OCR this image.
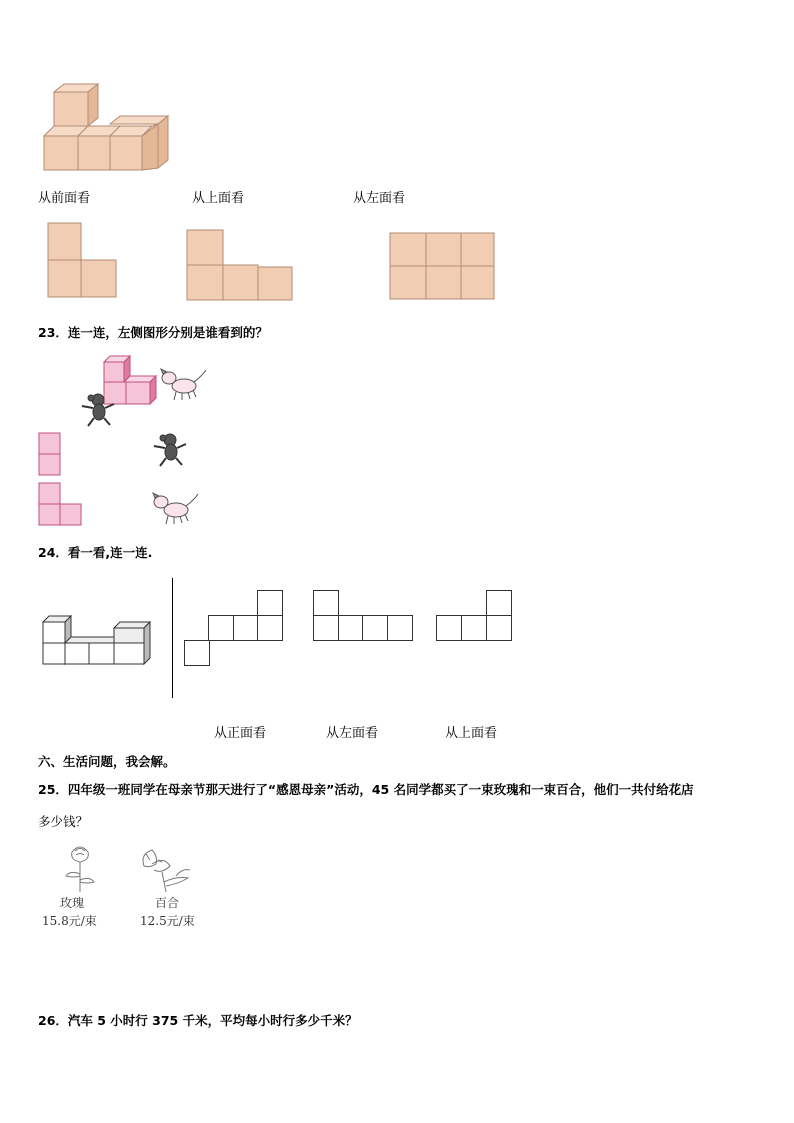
从前面看	从上面看	从左面看
23．连一连，左侧图形分别是谁看到的？
24．看一看,连一连.
从正面看	从左面看	从上面看
六、生活问题，我会解。
25．四年级一班同学在母亲节那天进行了“感恩母亲”活动，45 名同学都买了一束玫瑰和一束百合，他们一共付给花店
多少钱？
玫瑰
15.8元/束
百合
12.5元/束
26．汽车 5 小时行 375 千米，平均每小时行多少千米？
